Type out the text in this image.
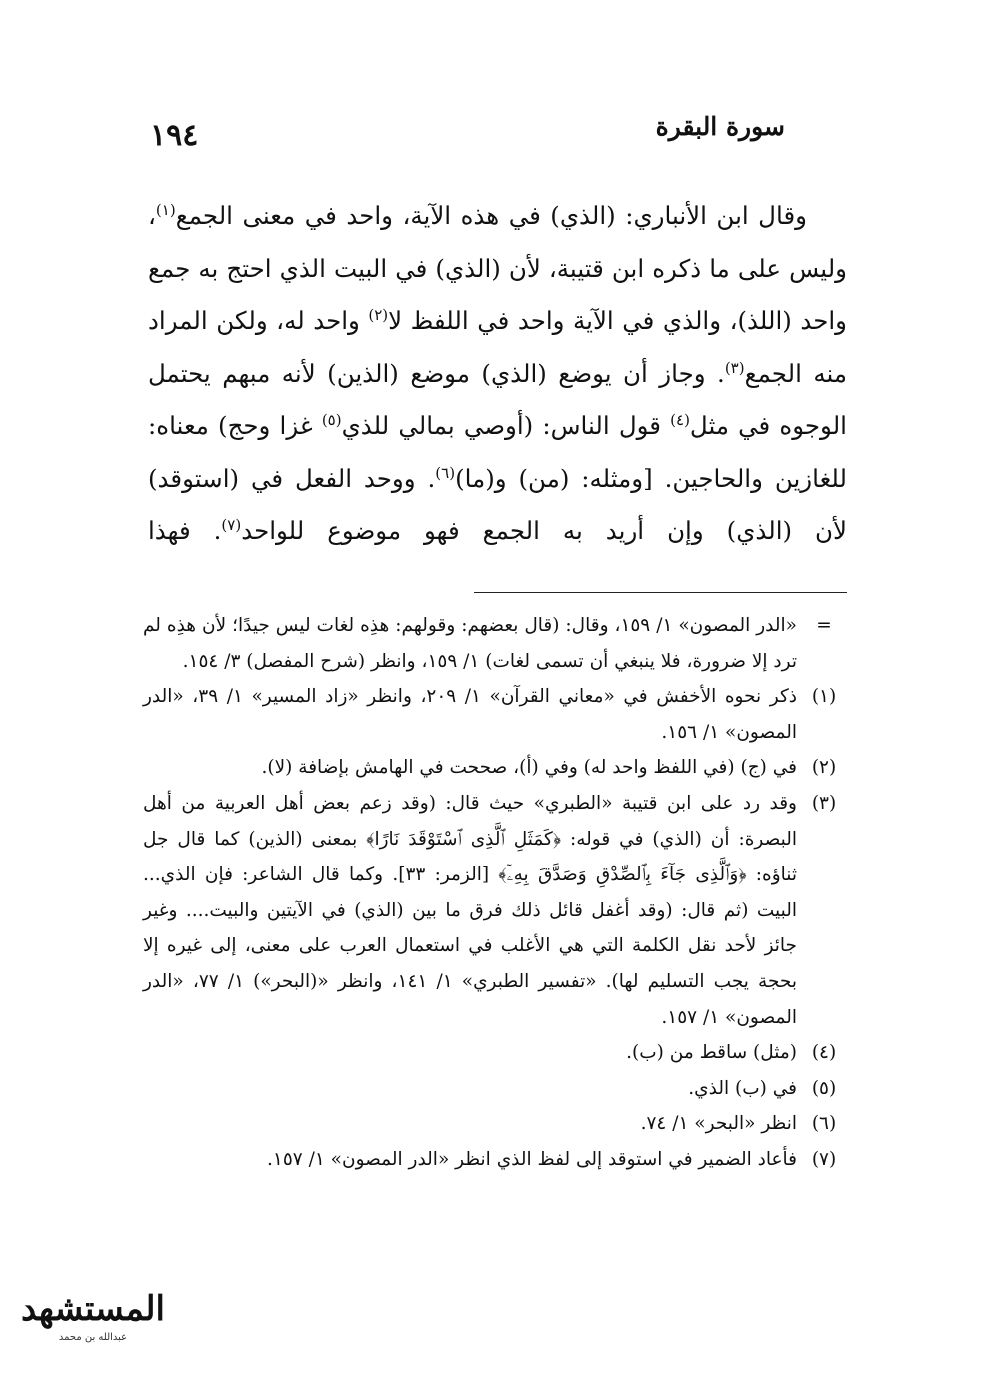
سورة البقرة
١٩٤

وقال ابن الأنباري: (الذي) في هذه الآية، واحد في معنى الجمع$^{(١)}$، وليس على ما ذكره ابن قتيبة، لأن (الذي) في البيت الذي احتج به جمع واحد (اللذ)، والذي في الآية واحد في اللفظ لا$^{(٢)}$ واحد له، ولكن المراد منه الجمع$^{(٣)}$. وجاز أن يوضع (الذي) موضع (الذين) لأنه مبهم يحتمل الوجوه في مثل$^{(٤)}$ قول الناس: (أوصي بمالي للذي$^{(٥)}$ غزا وحج) معناه: للغازين والحاجين. [ومثله: (من) و(ما)$^{(٦)}$. ووحد الفعل في (استوقد) لأن (الذي) وإن أريد به الجمع فهو موضوع للواحد$^{(٧)}$. فهذا

=
«الدر المصون» ١/ ١٥٩، وقال: (قال بعضهم: وقولهم: هذِه لغات ليس جيدًا؛ لأن هذِه لم ترد إلا ضرورة، فلا ينبغي أن تسمى لغات) ١/ ١٥٩، وانظر (شرح المفصل) ٣/ ١٥٤.

(١)
ذكر نحوه الأخفش في «معاني القرآن» ١/ ٢٠٩، وانظر «زاد المسير» ١/ ٣٩، «الدر المصون» ١/ ١٥٦.

(٢)
في (ج) (في اللفظ واحد له) وفي (أ)، صححت في الهامش بإضافة (لا).

(٣)
وقد رد على ابن قتيبة «الطبري» حيث قال: (وقد زعم بعض أهل العربية من أهل البصرة: أن (الذي) في قوله: ﴿كَمَثَلِ ٱلَّذِى ٱسْتَوْقَدَ نَارًا﴾ بمعنى (الذين) كما قال جل ثناؤه: ﴿وَٱلَّذِى جَآءَ بِٱلصِّدْقِ وَصَدَّقَ بِهِۦٓ﴾ [الزمر: ٣٣]. وكما قال الشاعر: فإن الذي... البيت (ثم قال: (وقد أغفل قائل ذلك فرق ما بين (الذي) في الآيتين والبيت.... وغير جائز لأحد نقل الكلمة التي هي الأغلب في استعمال العرب على معنى، إلى غيره إلا بحجة يجب التسليم لها). «تفسير الطبري» ١/ ١٤١، وانظر «(البحر») ١/ ٧٧، «الدر المصون» ١/ ١٥٧.

(٤)
(مثل) ساقط من (ب).

(٥)
في (ب) الذي.

(٦)
انظر «البحر» ١/ ٧٤.

(٧)
فأعاد الضمير في استوقد إلى لفظ الذي انظر «الدر المصون» ١/ ١٥٧.

المستشهد
عبدالله بن محمد
